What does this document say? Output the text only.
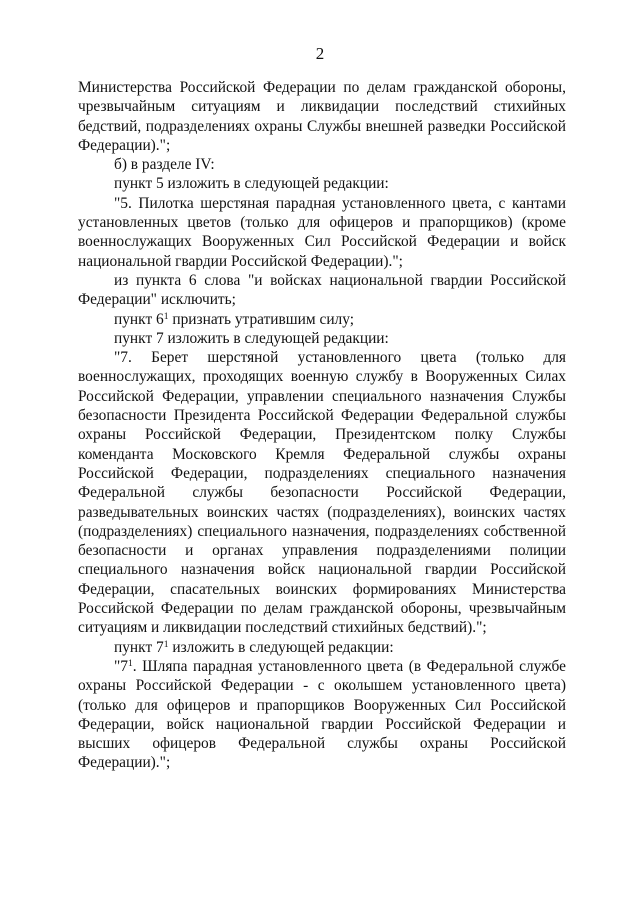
2

Министерства Российской Федерации по делам гражданской обороны, чрезвычайным ситуациям и ликвидации последствий стихийных бедствий, подразделениях охраны Службы внешней разведки Российской Федерации).";

б) в разделе IV:

пункт 5 изложить в следующей редакции:

"5. Пилотка шерстяная парадная установленного цвета, с кантами установленных цветов (только для офицеров и прапорщиков) (кроме военнослужащих Вооруженных Сил Российской Федерации и войск национальной гвардии Российской Федерации).";

из пункта 6 слова "и войсках национальной гвардии Российской Федерации" исключить;

пункт $6^1$ признать утратившим силу;

пункт 7 изложить в следующей редакции:

"7. Берет шерстяной установленного цвета (только для военнослужащих, проходящих военную службу в Вооруженных Силах Российской Федерации, управлении специального назначения Службы безопасности Президента Российской Федерации Федеральной службы охраны Российской Федерации, Президентском полку Службы коменданта Московского Кремля Федеральной службы охраны Российской Федерации, подразделениях специального назначения Федеральной службы безопасности Российской Федерации, разведывательных воинских частях (подразделениях), воинских частях (подразделениях) специального назначения, подразделениях собственной безопасности и органах управления подразделениями полиции специального назначения войск национальной гвардии Российской Федерации, спасательных воинских формированиях Министерства Российской Федерации по делам гражданской обороны, чрезвычайным ситуациям и ликвидации последствий стихийных бедствий).";

пункт $7^1$ изложить в следующей редакции:

"$7^1$. Шляпа парадная установленного цвета (в Федеральной службе охраны Российской Федерации - с околышем установленного цвета) (только для офицеров и прапорщиков Вооруженных Сил Российской Федерации, войск национальной гвардии Российской Федерации и высших офицеров Федеральной службы охраны Российской Федерации).";
